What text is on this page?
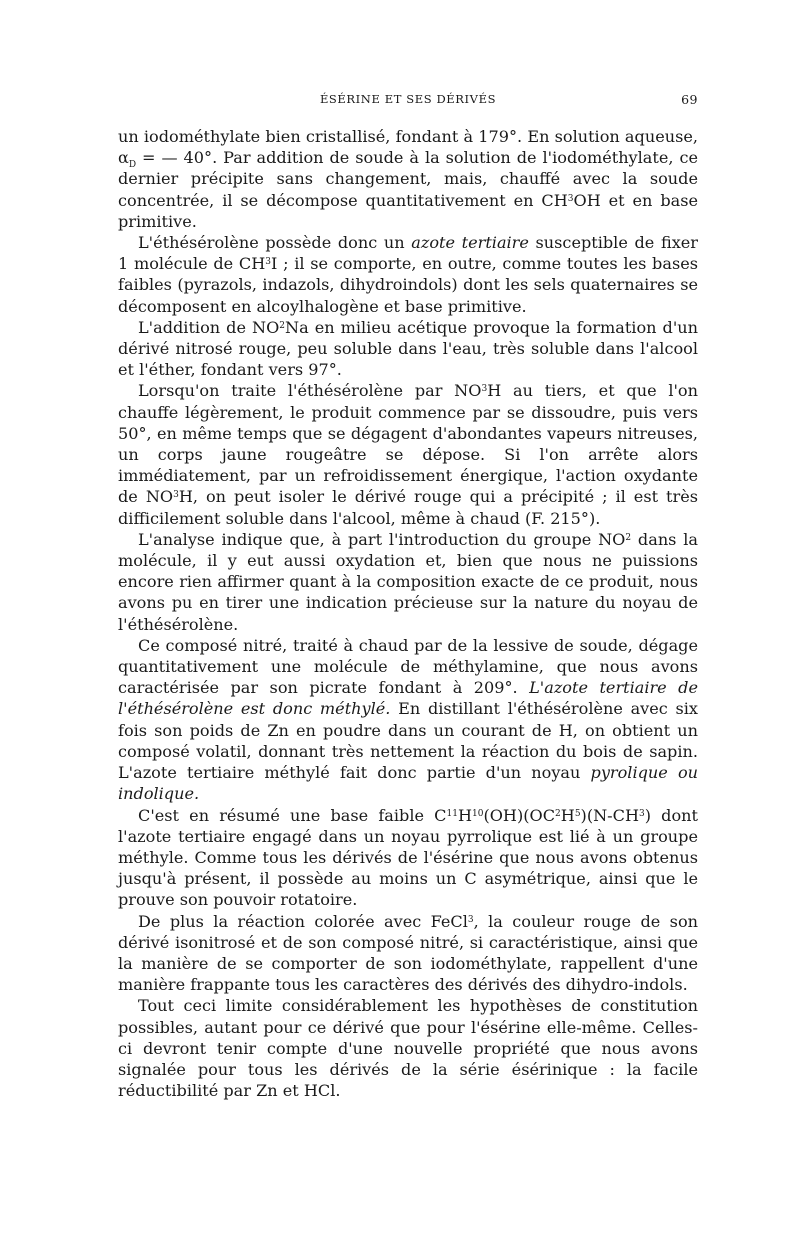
ÉSÉRINE ET SES DÉRIVÉS	69

un iodométhylate bien cristallisé, fondant à 179°. En solution aqueuse, $\alpha_D$ = — 40°. Par addition de soude à la solution de l'iodométhylate, ce dernier précipite sans changement, mais, chauffé avec la soude concentrée, il se décompose quantitativement en $CH^3OH$ et en base primitive.

L'éthésérolène possède donc un azote tertiaire susceptible de fixer 1 molécule de $CH^3I$ ; il se comporte, en outre, comme toutes les bases faibles (pyrazols, indazols, dihydroindols) dont les sels quaternaires se décomposent en alcoylhalogène et base primitive.

L'addition de $NO^2Na$ en milieu acétique provoque la formation d'un dérivé nitrosé rouge, peu soluble dans l'eau, très soluble dans l'alcool et l'éther, fondant vers 97°.

Lorsqu'on traite l'éthésérolène par $NO^3H$ au tiers, et que l'on chauffe légèrement, le produit commence par se dissoudre, puis vers 50°, en même temps que se dégagent d'abondantes vapeurs nitreuses, un corps jaune rougeâtre se dépose. Si l'on arrête alors immédiatement, par un refroidissement énergique, l'action oxydante de $NO^3H$, on peut isoler le dérivé rouge qui a précipité ; il est très difficilement soluble dans l'alcool, même à chaud (F. 215°).

L'analyse indique que, à part l'introduction du groupe $NO^2$ dans la molécule, il y eut aussi oxydation et, bien que nous ne puissions encore rien affirmer quant à la composition exacte de ce produit, nous avons pu en tirer une indication précieuse sur la nature du noyau de l'éthésérolène.

Ce composé nitré, traité à chaud par de la lessive de soude, dégage quantitativement une molécule de méthylamine, que nous avons caractérisée par son picrate fondant à 209°. L'azote tertiaire de l'éthésérolène est donc méthylé. En distillant l'éthésérolène avec six fois son poids de Zn en poudre dans un courant de H, on obtient un composé volatil, donnant très nettement la réaction du bois de sapin. L'azote tertiaire méthylé fait donc partie d'un noyau pyrolique ou indolique.

C'est en résumé une base faible $C^{11}H^{10}(OH)(OC^2H^5)(N-CH^3)$ dont l'azote tertiaire engagé dans un noyau pyrrolique est lié à un groupe méthyle. Comme tous les dérivés de l'ésérine que nous avons obtenus jusqu'à présent, il possède au moins un C asymétrique, ainsi que le prouve son pouvoir rotatoire.

De plus la réaction colorée avec FeCl$^3$, la couleur rouge de son dérivé isonitrosé et de son composé nitré, si caractéristique, ainsi que la manière de se comporter de son iodométhylate, rappellent d'une manière frappante tous les caractères des dérivés des dihydro-indols.

Tout ceci limite considérablement les hypothèses de constitution possibles, autant pour ce dérivé que pour l'ésérine elle-même. Celles-ci devront tenir compte d'une nouvelle propriété que nous avons signalée pour tous les dérivés de la série ésérinique : la facile réductibilité par Zn et HCl.
